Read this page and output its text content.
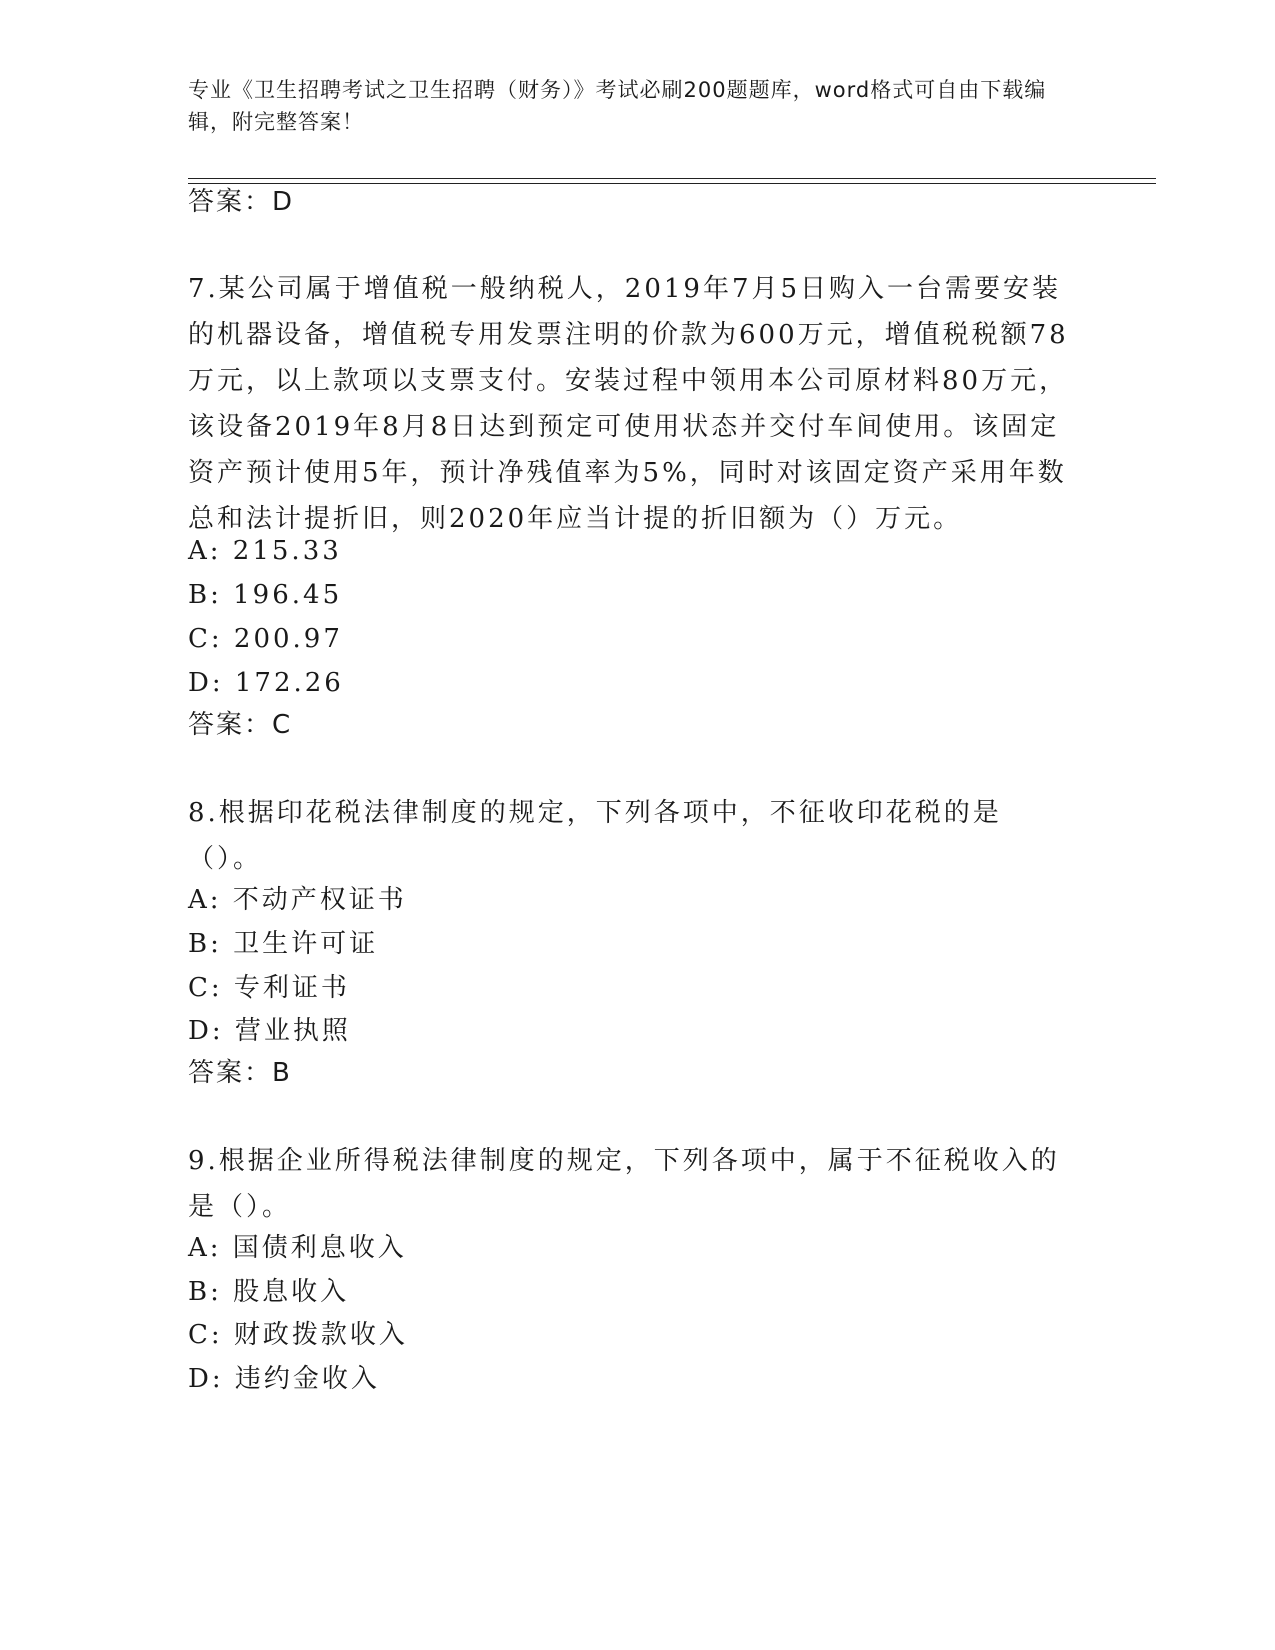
专业《卫生招聘考试之卫生招聘（财务）》考试必刷200题题库，word格式可自由下载编辑，附完整答案！
答案：D
7.某公司属于增值税一般纳税人，2019年7月5日购入一台需要安装的机器设备，增值税专用发票注明的价款为600万元，增值税税额78万元，以上款项以支票支付。安装过程中领用本公司原材料80万元，该设备2019年8月8日达到预定可使用状态并交付车间使用。该固定资产预计使用5年，预计净残值率为5%，同时对该固定资产采用年数总和法计提折旧，则2020年应当计提的折旧额为（）万元。
A: 215.33
B: 196.45
C: 200.97
D: 172.26
答案：C
8.根据印花税法律制度的规定，下列各项中，不征收印花税的是（）。
A: 不动产权证书
B: 卫生许可证
C: 专利证书
D: 营业执照
答案：B
9.根据企业所得税法律制度的规定，下列各项中，属于不征税收入的是（）。
A: 国债利息收入
B: 股息收入
C: 财政拨款收入
D: 违约金收入
